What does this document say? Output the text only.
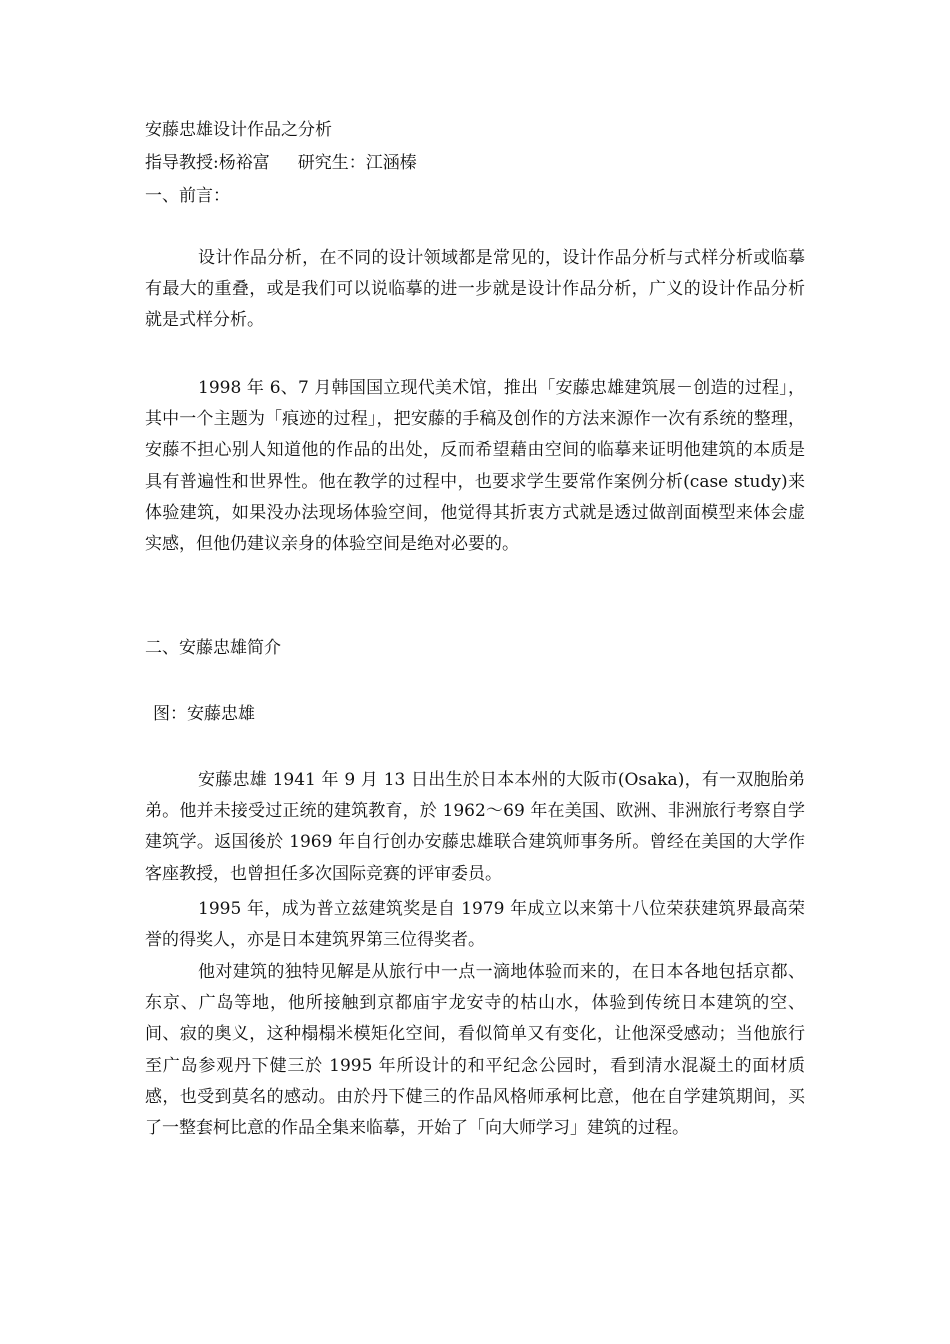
安藤忠雄设计作品之分析
指导教授:杨裕富 研究生：江涵榛
一、前言：
设计作品分析，在不同的设计领域都是常见的，设计作品分析与式样分析或临摹有最大的重叠，或是我们可以说临摹的进一步就是设计作品分析，广义的设计作品分析就是式样分析。
1998 年 6、7 月韩国国立现代美术馆，推出「安藤忠雄建筑展－创造的过程」，其中一个主题为「痕迹的过程」，把安藤的手稿及创作的方法来源作一次有系统的整理，安藤不担心别人知道他的作品的出处，反而希望藉由空间的临摹来证明他建筑的本质是具有普遍性和世界性。他在教学的过程中，也要求学生要常作案例分析(case study)来体验建筑，如果没办法现场体验空间，他觉得其折衷方式就是透过做剖面模型来体会虚实感，但他仍建议亲身的体验空间是绝对必要的。
二、安藤忠雄简介
图：安藤忠雄
安藤忠雄 1941 年 9 月 13 日出生於日本本州的大阪市(Osaka)，有一双胞胎弟弟。他并未接受过正统的建筑教育，於 1962～69 年在美国、欧洲、非洲旅行考察自学建筑学。返国後於 1969 年自行创办安藤忠雄联合建筑师事务所。曾经在美国的大学作客座教授，也曾担任多次国际竞赛的评审委员。
1995 年，成为普立兹建筑奖是自 1979 年成立以来第十八位荣获建筑界最高荣誉的得奖人，亦是日本建筑界第三位得奖者。
他对建筑的独特见解是从旅行中一点一滴地体验而来的，在日本各地包括京都、东京、广岛等地，他所接触到京都庙宇龙安寺的枯山水，体验到传统日本建筑的空、间、寂的奥义，这种榻榻米模矩化空间，看似简单又有变化，让他深受感动；当他旅行至广岛参观丹下健三於 1995 年所设计的和平纪念公园时，看到清水混凝土的面材质感，也受到莫名的感动。由於丹下健三的作品风格师承柯比意，他在自学建筑期间，买了一整套柯比意的作品全集来临摹，开始了「向大师学习」建筑的过程。
